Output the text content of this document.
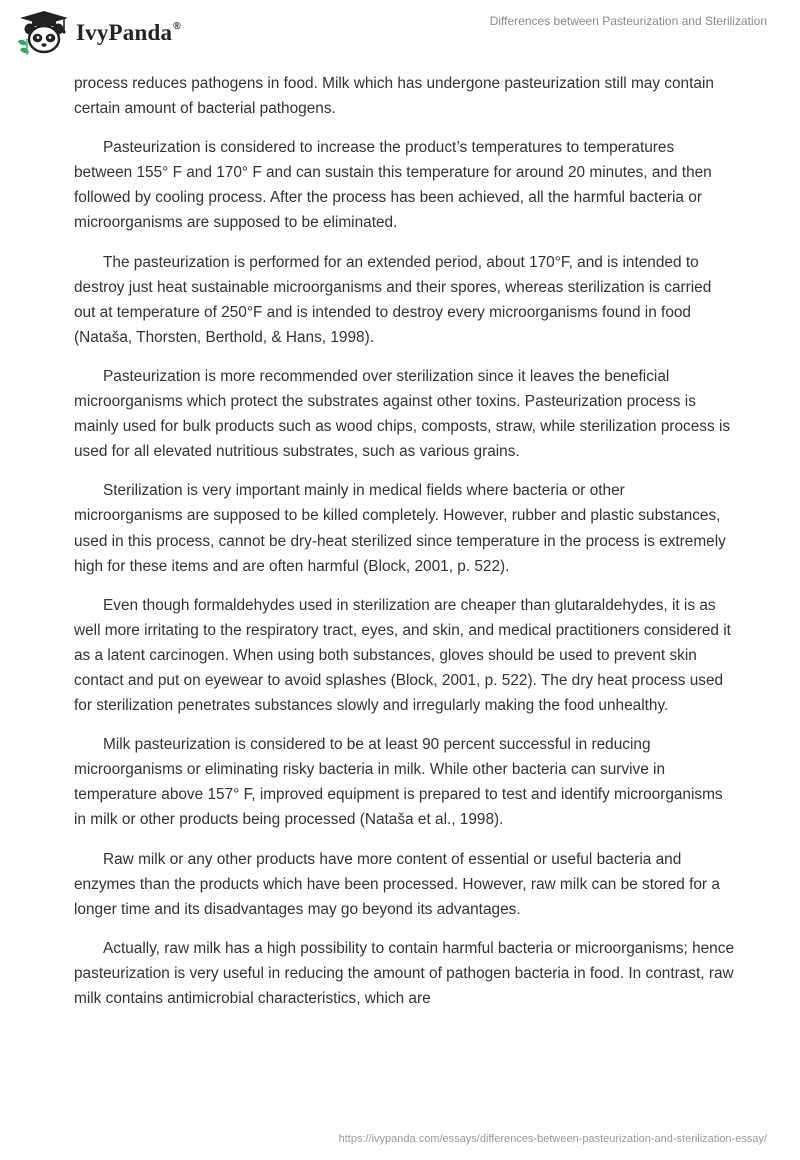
IvyPanda®	Differences between Pasteurization and Sterilization

process reduces pathogens in food. Milk which has undergone pasteurization still may contain certain amount of bacterial pathogens.

Pasteurization is considered to increase the product’s temperatures to temperatures between 155° F and 170° F and can sustain this temperature for around 20 minutes, and then followed by cooling process. After the process has been achieved, all the harmful bacteria or microorganisms are supposed to be eliminated.

The pasteurization is performed for an extended period, about 170°F, and is intended to destroy just heat sustainable microorganisms and their spores, whereas sterilization is carried out at temperature of 250°F and is intended to destroy every microorganisms found in food (Nataša, Thorsten, Berthold, & Hans, 1998).

Pasteurization is more recommended over sterilization since it leaves the beneficial microorganisms which protect the substrates against other toxins. Pasteurization process is mainly used for bulk products such as wood chips, composts, straw, while sterilization process is used for all elevated nutritious substrates, such as various grains.

Sterilization is very important mainly in medical fields where bacteria or other microorganisms are supposed to be killed completely. However, rubber and plastic substances, used in this process, cannot be dry-heat sterilized since temperature in the process is extremely high for these items and are often harmful (Block, 2001, p. 522).

Even though formaldehydes used in sterilization are cheaper than glutaraldehydes, it is as well more irritating to the respiratory tract, eyes, and skin, and medical practitioners considered it as a latent carcinogen. When using both substances, gloves should be used to prevent skin contact and put on eyewear to avoid splashes (Block, 2001, p. 522). The dry heat process used for sterilization penetrates substances slowly and irregularly making the food unhealthy.

Milk pasteurization is considered to be at least 90 percent successful in reducing microorganisms or eliminating risky bacteria in milk. While other bacteria can survive in temperature above 157° F, improved equipment is prepared to test and identify microorganisms in milk or other products being processed (Nataša et al., 1998).

Raw milk or any other products have more content of essential or useful bacteria and enzymes than the products which have been processed. However, raw milk can be stored for a longer time and its disadvantages may go beyond its advantages.

Actually, raw milk has a high possibility to contain harmful bacteria or microorganisms; hence pasteurization is very useful in reducing the amount of pathogen bacteria in food. In contrast, raw milk contains antimicrobial characteristics, which are

https://ivypanda.com/essays/differences-between-pasteurization-and-sterilization-essay/
